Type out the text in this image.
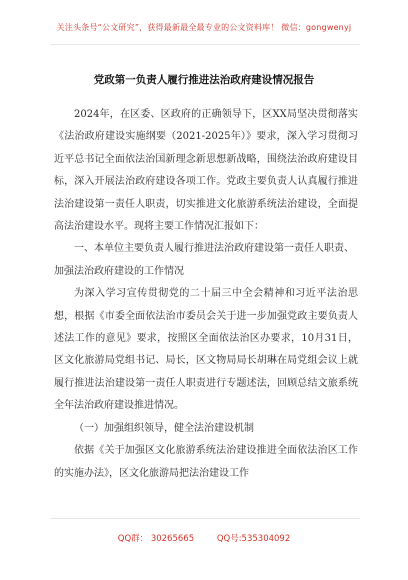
关注头条号“公文研究”，获得最新最全最专业的公文资料库！ 微信：gongwenyj
党政第一负责人履行推进法治政府建设情况报告

2024年，在区委、区政府的正确领导下，区XX局坚决贯彻落实《法治政府建设实施纲要（2021-2025年）》要求，深入学习贯彻习近平总书记全面依法治国新理念新思想新战略，围绕法治政府建设目标，深入开展法治政府建设各项工作。党政主要负责人认真履行推进法治建设第一责任人职责，切实推进文化旅游系统法治建设，全面提高法治建设水平。现将主要工作情况汇报如下：

一、本单位主要负责人履行推进法治政府建设第一责任人职责、加强法治政府建设的工作情况

为深入学习宣传贯彻党的二十届三中全会精神和习近平法治思想，根据《市委全面依法治市委员会关于进一步加强党政主要负责人述法工作的意见》要求，按照区全面依法治区办要求，10月31日，区文化旅游局党组书记、局长，区文物局局长胡琳在局党组会议上就履行推进法治建设第一责任人职责进行专题述法，回顾总结文旅系统全年法治政府建设推进情况。

（一）加强组织领导，健全法治建设机制

依据《关于加强区文化旅游系统法治建设推进全面依法治区工作的实施办法》，区文化旅游局把法治建设工作

QQ群： 30265665	QQ号:535304092
